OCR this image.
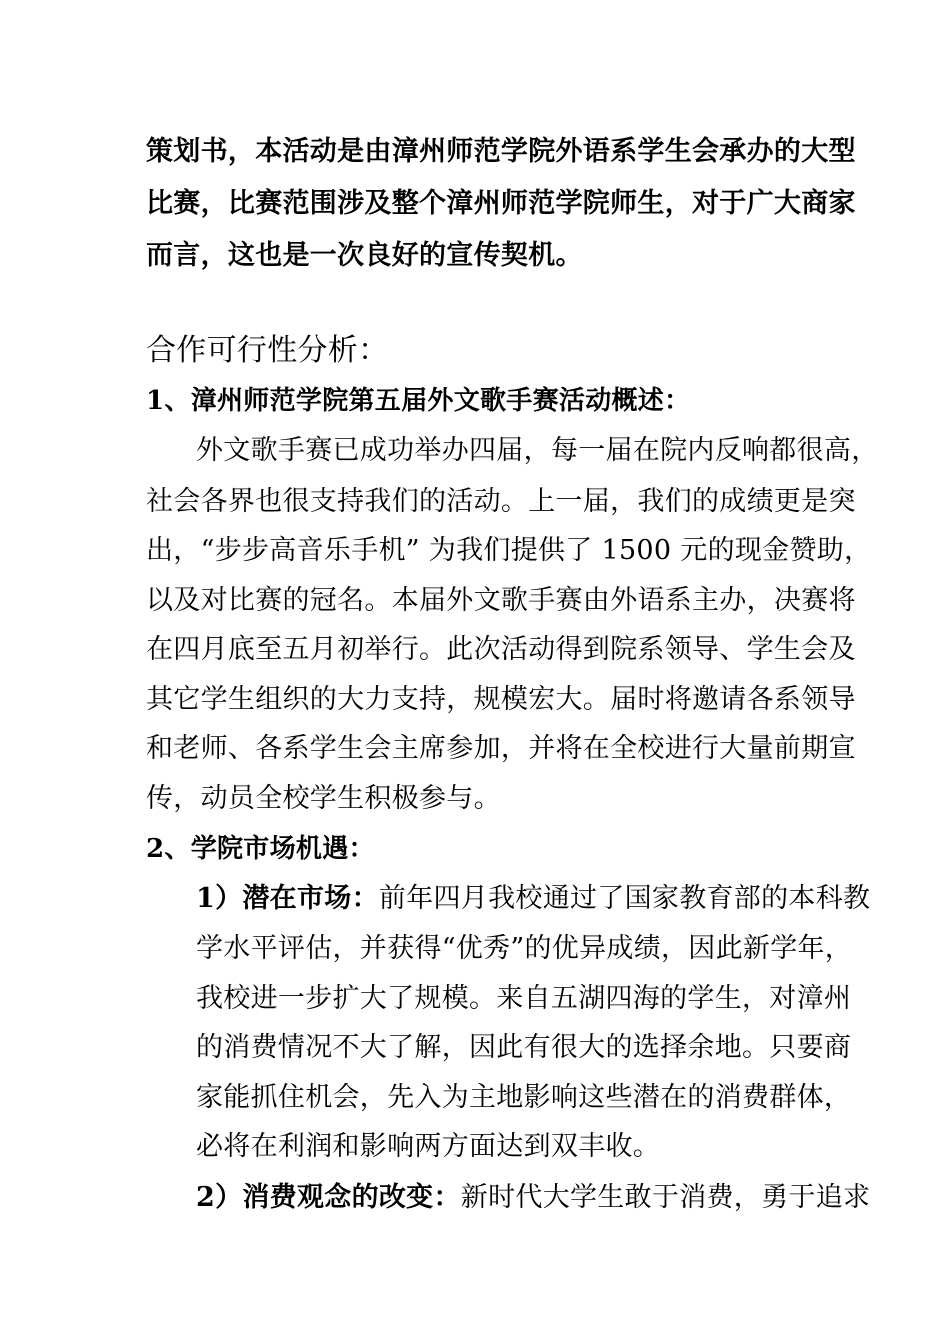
策划书，本活动是由漳州师范学院外语系学生会承办的大型
比赛，比赛范围涉及整个漳州师范学院师生，对于广大商家
而言，这也是一次良好的宣传契机。
合作可行性分析：
1、漳州师范学院第五届外文歌手赛活动概述：
外文歌手赛已成功举办四届，每一届在院内反响都很高，
社会各界也很支持我们的活动。上一届，我们的成绩更是突
出，“步步高音乐手机” 为我们提供了 1500 元的现金赞助，
以及对比赛的冠名。本届外文歌手赛由外语系主办，决赛将
在四月底至五月初举行。此次活动得到院系领导、学生会及
其它学生组织的大力支持，规模宏大。届时将邀请各系领导
和老师、各系学生会主席参加，并将在全校进行大量前期宣
传，动员全校学生积极参与。
2、学院市场机遇：
1）潜在市场：前年四月我校通过了国家教育部的本科教
学水平评估，并获得“优秀”的优异成绩，因此新学年，
我校进一步扩大了规模。来自五湖四海的学生，对漳州
的消费情况不大了解，因此有很大的选择余地。只要商
家能抓住机会，先入为主地影响这些潜在的消费群体，
必将在利润和影响两方面达到双丰收。
2）消费观念的改变：新时代大学生敢于消费，勇于追求
